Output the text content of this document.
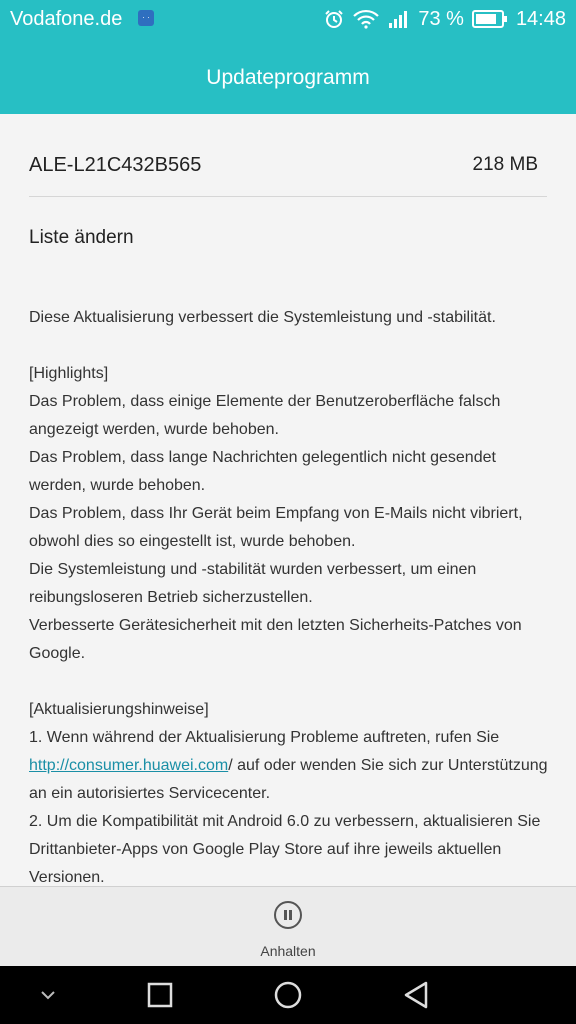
Vodafone.de	· ·	73 %	14:48
Updateprogramm
ALE-L21C432B565	218 MB
Liste ändern

Diese Aktualisierung verbessert die Systemleistung und -stabilität.

[Highlights]

Das Problem, dass einige Elemente der Benutzeroberfläche falsch angezeigt werden, wurde behoben.

Das Problem, dass lange Nachrichten gelegentlich nicht gesendet werden, wurde behoben.

Das Problem, dass Ihr Gerät beim Empfang von E-Mails nicht vibriert, obwohl dies so eingestellt ist, wurde behoben.

Die Systemleistung und -stabilität wurden verbessert, um einen reibungsloseren Betrieb sicherzustellen.

Verbesserte Gerätesicherheit mit den letzten Sicherheits-Patches von Google.

[Aktualisierungshinweise]

1. Wenn während der Aktualisierung Probleme auftreten, rufen Sie http://consumer.huawei.com/ auf oder wenden Sie sich zur Unterstützung an ein autorisiertes Servicecenter.

2. Um die Kompatibilität mit Android 6.0 zu verbessern, aktualisieren Sie Drittanbieter-Apps von Google Play Store auf ihre jeweils aktuellen Versionen.

Anhalten
